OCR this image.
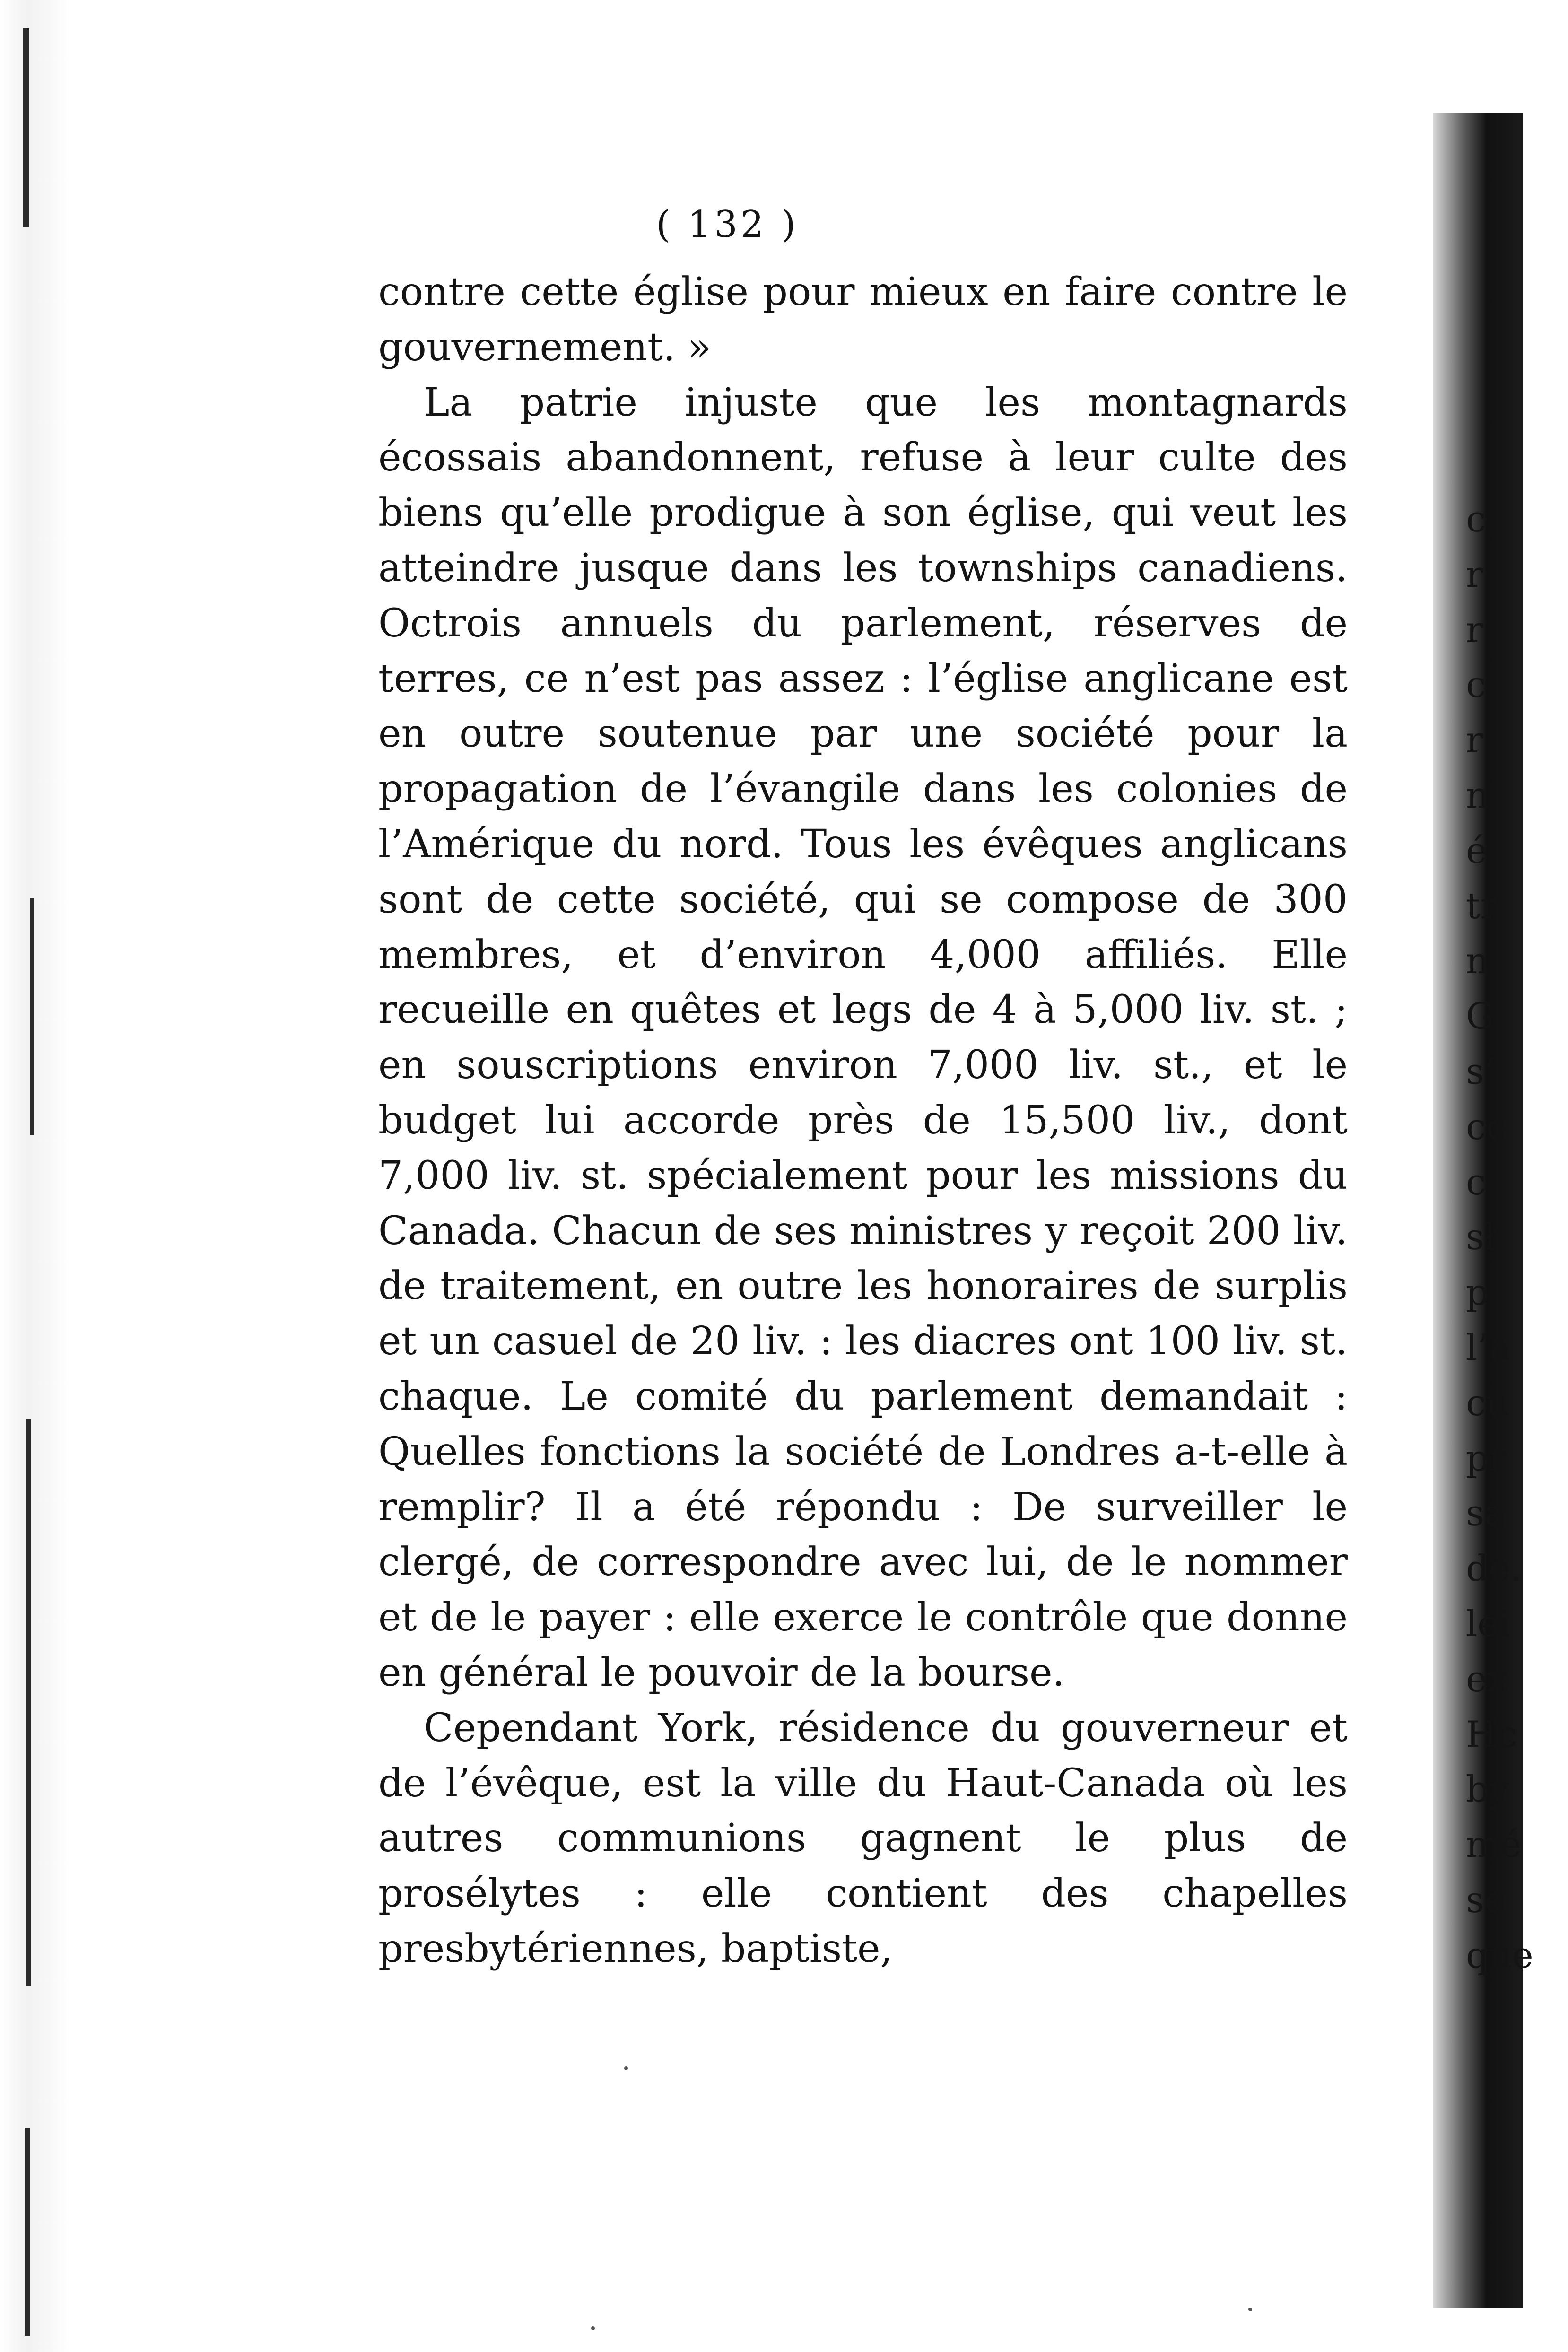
( 132 )

contre cette église pour mieux en faire contre le gouvernement. »

La patrie injuste que les montagnards écossais abandonnent, refuse à leur culte des biens qu’elle prodigue à son église, qui veut les atteindre jusque dans les townships canadiens. Octrois annuels du parlement, réserves de terres, ce n’est pas assez : l’église anglicane est en outre soutenue par une société pour la propagation de l’évangile dans les colonies de l’Amérique du nord. Tous les évêques anglicans sont de cette société, qui se compose de 300 membres, et d’environ 4,000 affiliés. Elle recueille en quêtes et legs de 4 à 5,000 liv. st. ; en souscriptions environ 7,000 liv. st., et le budget lui accorde près de 15,500 liv., dont 7,000 liv. st. spécialement pour les missions du Canada. Chacun de ses ministres y reçoit 200 liv. de traitement, en outre les honoraires de surplis et un casuel de 20 liv. : les diacres ont 100 liv. st. chaque. Le comité du parlement demandait : Quelles fonctions la société de Londres a-t-elle à remplir? Il a été répondu : De surveiller le clergé, de correspondre avec lui, de le nommer et de le payer : elle exerce le contrôle que donne en général le pouvoir de la bourse.

Cependant York, résidence du gouverneur et de l’évêque, est la ville du Haut-Canada où les autres communions gagnent le plus de prosélytes : elle contient des chapelles presbytériennes, baptiste,

c
r
r
c
r
n
é
tr
n
G
s’
cc
c
sł
p
l’a
cu
pr
sa
de.
lei
ex
Hc
by
mé
se
que
